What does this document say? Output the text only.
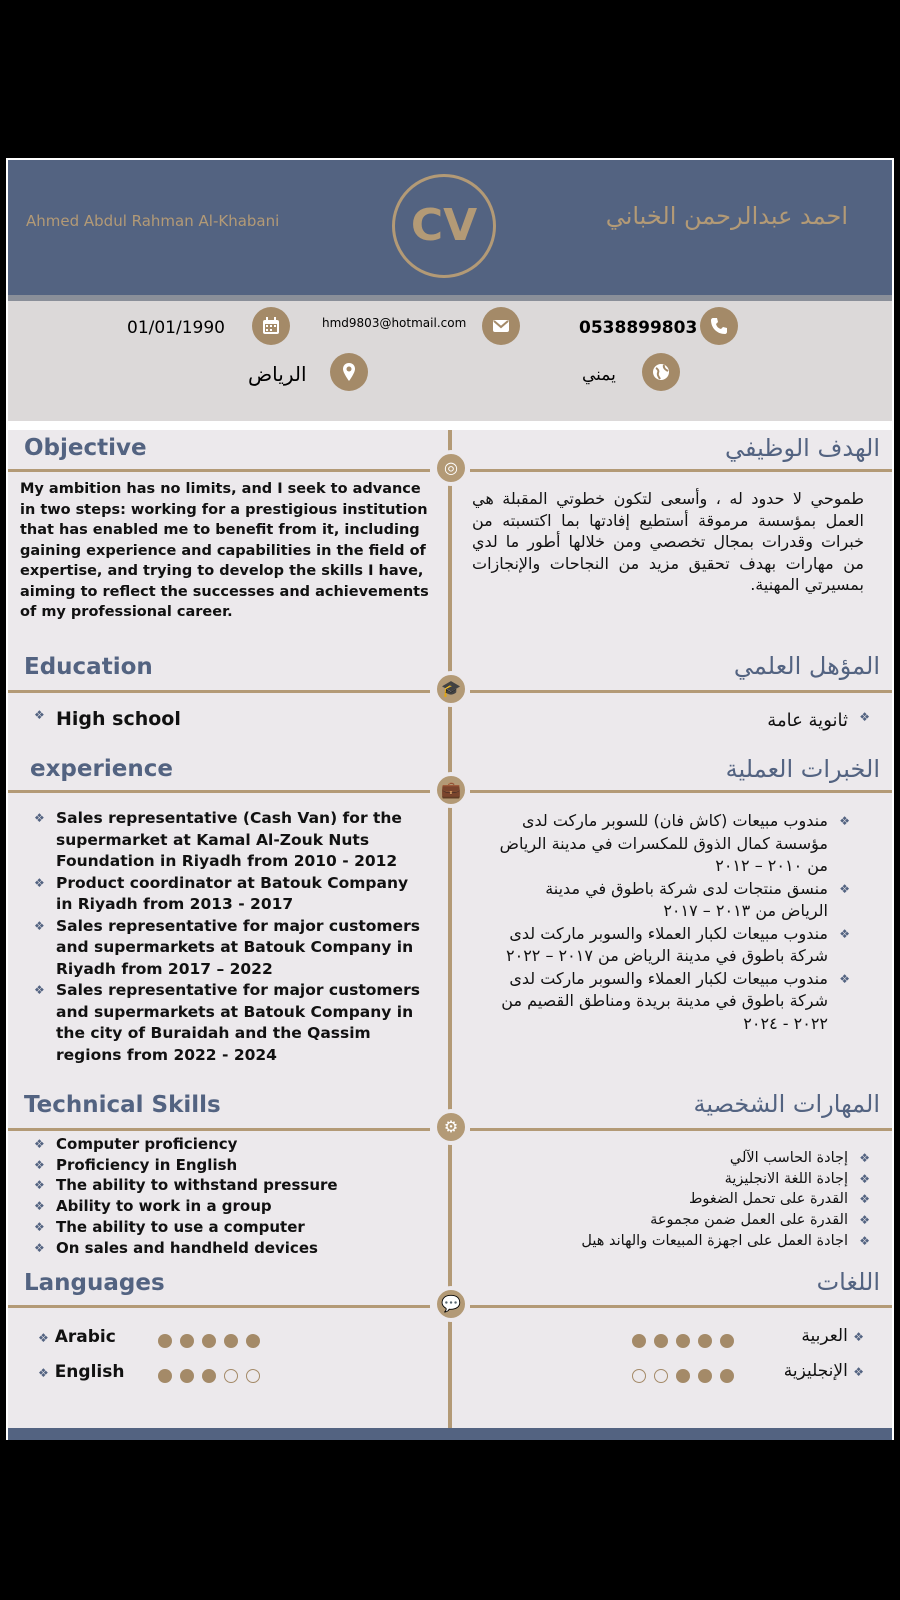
Ahmed Abdul Rahman Al-Khabani	CV	احمد عبدالرحمن الخباني
01/01/1990	hmd9803@hotmail.com	0538899803
الرياض	يمني
Objective	الهدف الوظيفي
◎
My ambition has no limits, and I seek to advance in two steps: working for a prestigious institution that has enabled me to benefit from it, including gaining experience and capabilities in the field of expertise, and trying to develop the skills I have, aiming to reflect the successes and achievements of my professional career.
طموحي لا حدود له ، وأسعى لتكون خطوتي المقبلة هي العمل بمؤسسة مرموقة أستطيع إفادتها بما اكتسبته من خبرات وقدرات بمجال تخصصي ومن خلالها أطور ما لدي من مهارات بهدف تحقيق مزيد من النجاحات والإنجازات بمسيرتي المهنية.
Education	المؤهل العلمي
🎓
❖ High school	❖ ثانوية عامة
experience	الخبرات العملية
💼
❖ Sales representative (Cash Van) for the supermarket at Kamal Al-Zouk Nuts Foundation in Riyadh from 2010 - 2012
❖ Product coordinator at Batouk Company in Riyadh from 2013 - 2017
❖ Sales representative for major customers and supermarkets at Batouk Company in Riyadh from 2017 – 2022
❖ Sales representative for major customers and supermarkets at Batouk Company in the city of Buraidah and the Qassim regions from 2022 - 2024
❖ مندوب مبيعات (كاش فان) للسوبر ماركت لدى مؤسسة كمال الذوق للمكسرات في مدينة الرياض من ٢٠١٠ – ٢٠١٢
❖ منسق منتجات لدى شركة باطوق في مدينة الرياض من ٢٠١٣ – ٢٠١٧
❖ مندوب مبيعات لكبار العملاء والسوبر ماركت لدى شركة باطوق في مدينة الرياض من ٢٠١٧ – ٢٠٢٢
❖ مندوب مبيعات لكبار العملاء والسوبر ماركت لدى شركة باطوق في مدينة بريدة ومناطق القصيم من ٢٠٢٢ - ٢٠٢٤
Technical Skills	المهارات الشخصية
⚙
❖ Computer proficiency
❖ Proficiency in English
❖ The ability to withstand pressure
❖ Ability to work in a group
❖ The ability to use a computer
❖ On sales and handheld devices
❖ إجادة الحاسب الآلي
❖ إجادة اللغة الانجليزية
❖ القدرة على تحمل الضغوط
❖ القدرة على العمل ضمن مجموعة
❖ اجادة العمل على اجهزة المبيعات والهاند هيل
Languages	اللغات
💬
❖ Arabic
❖ English
❖ العربية
❖ الإنجليزية
